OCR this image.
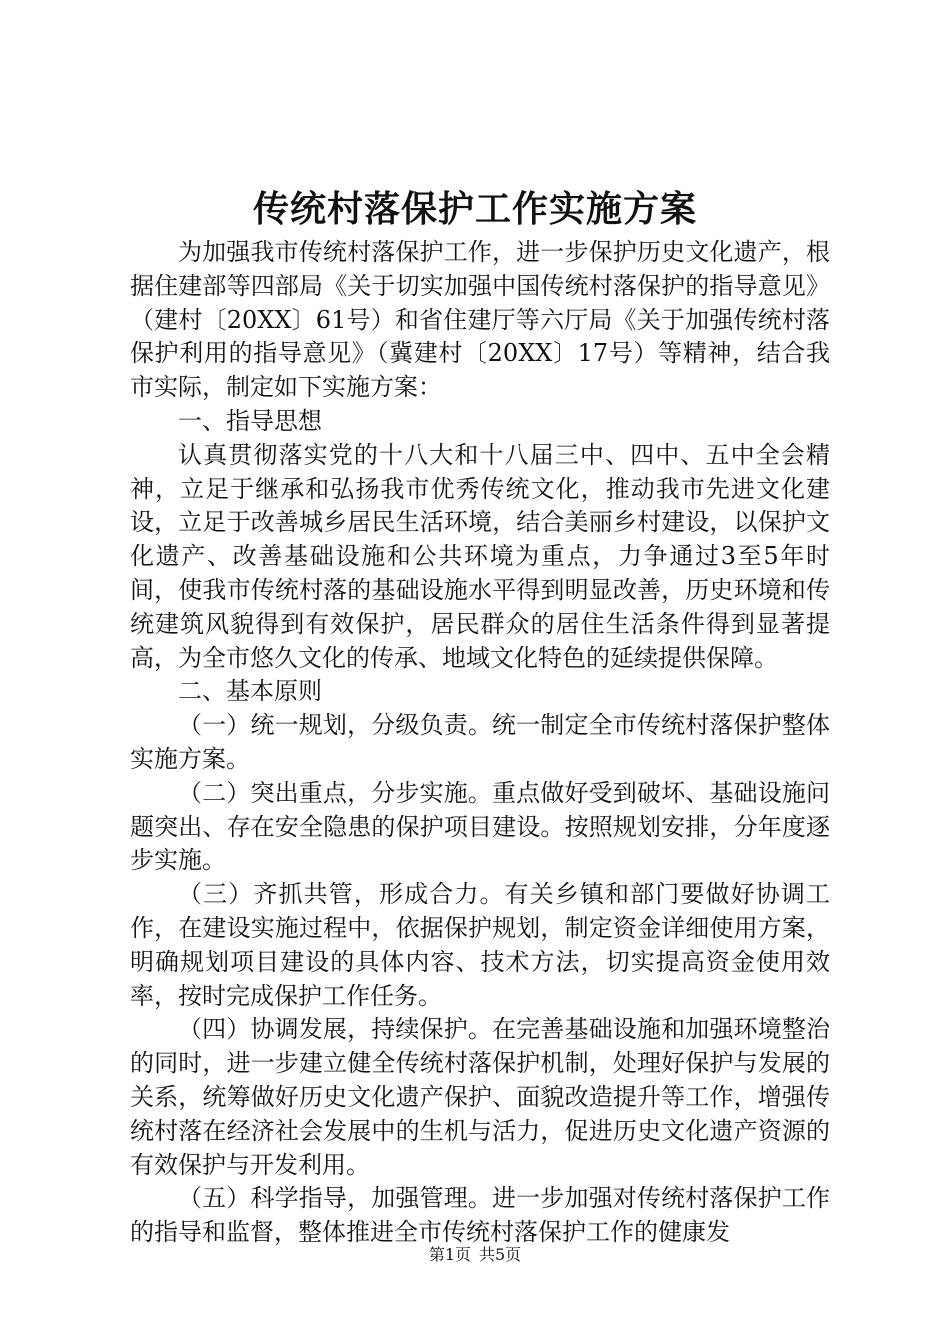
传统村落保护工作实施方案

为加强我市传统村落保护工作，进一步保护历史文化遗产，根据住建部等四部局《关于切实加强中国传统村落保护的指导意见》（建村〔20XX〕61号）和省住建厅等六厅局《关于加强传统村落保护利用的指导意见》（冀建村〔20XX〕17号）等精神，结合我市实际，制定如下实施方案：

一、指导思想

认真贯彻落实党的十八大和十八届三中、四中、五中全会精神，立足于继承和弘扬我市优秀传统文化，推动我市先进文化建设，立足于改善城乡居民生活环境，结合美丽乡村建设，以保护文化遗产、改善基础设施和公共环境为重点，力争通过3至5年时间，使我市传统村落的基础设施水平得到明显改善，历史环境和传统建筑风貌得到有效保护，居民群众的居住生活条件得到显著提高，为全市悠久文化的传承、地域文化特色的延续提供保障。

二、基本原则

（一）统一规划，分级负责。统一制定全市传统村落保护整体实施方案。

（二）突出重点，分步实施。重点做好受到破坏、基础设施问题突出、存在安全隐患的保护项目建设。按照规划安排，分年度逐步实施。

（三）齐抓共管，形成合力。有关乡镇和部门要做好协调工作，在建设实施过程中，依据保护规划，制定资金详细使用方案，明确规划项目建设的具体内容、技术方法，切实提高资金使用效率，按时完成保护工作任务。

（四）协调发展，持续保护。在完善基础设施和加强环境整治的同时，进一步建立健全传统村落保护机制，处理好保护与发展的关系，统筹做好历史文化遗产保护、面貌改造提升等工作，增强传统村落在经济社会发展中的生机与活力，促进历史文化遗产资源的有效保护与开发利用。

（五）科学指导，加强管理。进一步加强对传统村落保护工作的指导和监督，整体推进全市传统村落保护工作的健康发

第1页 共5页
